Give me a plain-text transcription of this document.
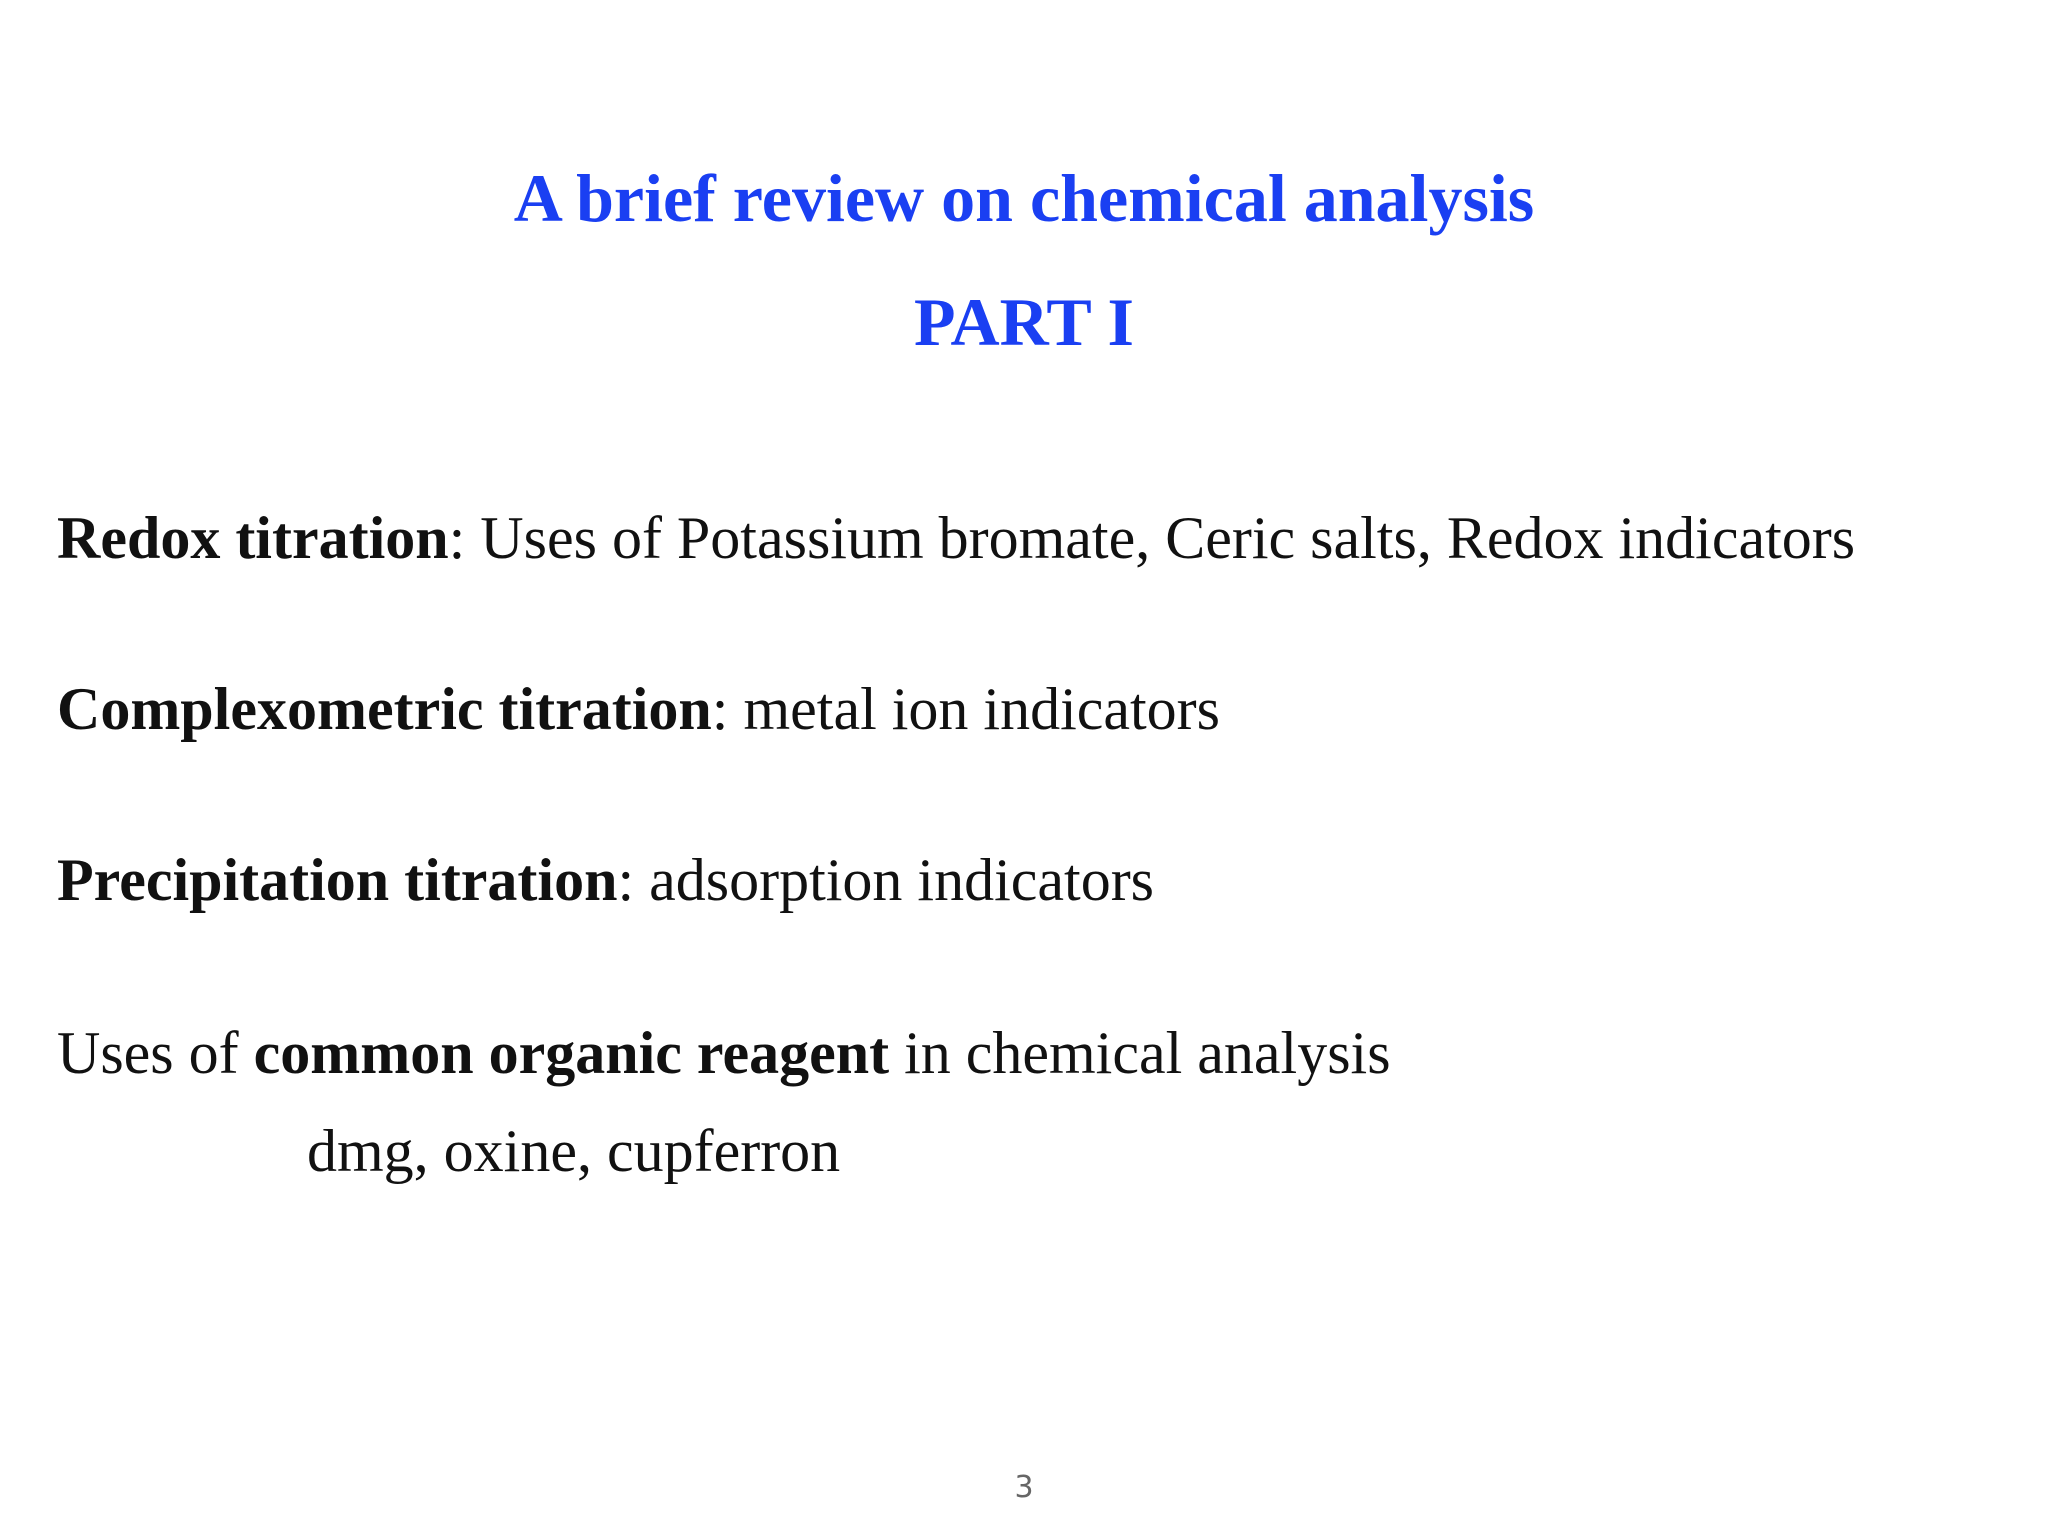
A brief review on chemical analysis
PART I
Redox titration: Uses of Potassium bromate, Ceric salts, Redox indicators
Complexometric titration: metal ion indicators
Precipitation titration: adsorption indicators
Uses of common organic reagent in chemical analysis
dmg, oxine, cupferron
3
